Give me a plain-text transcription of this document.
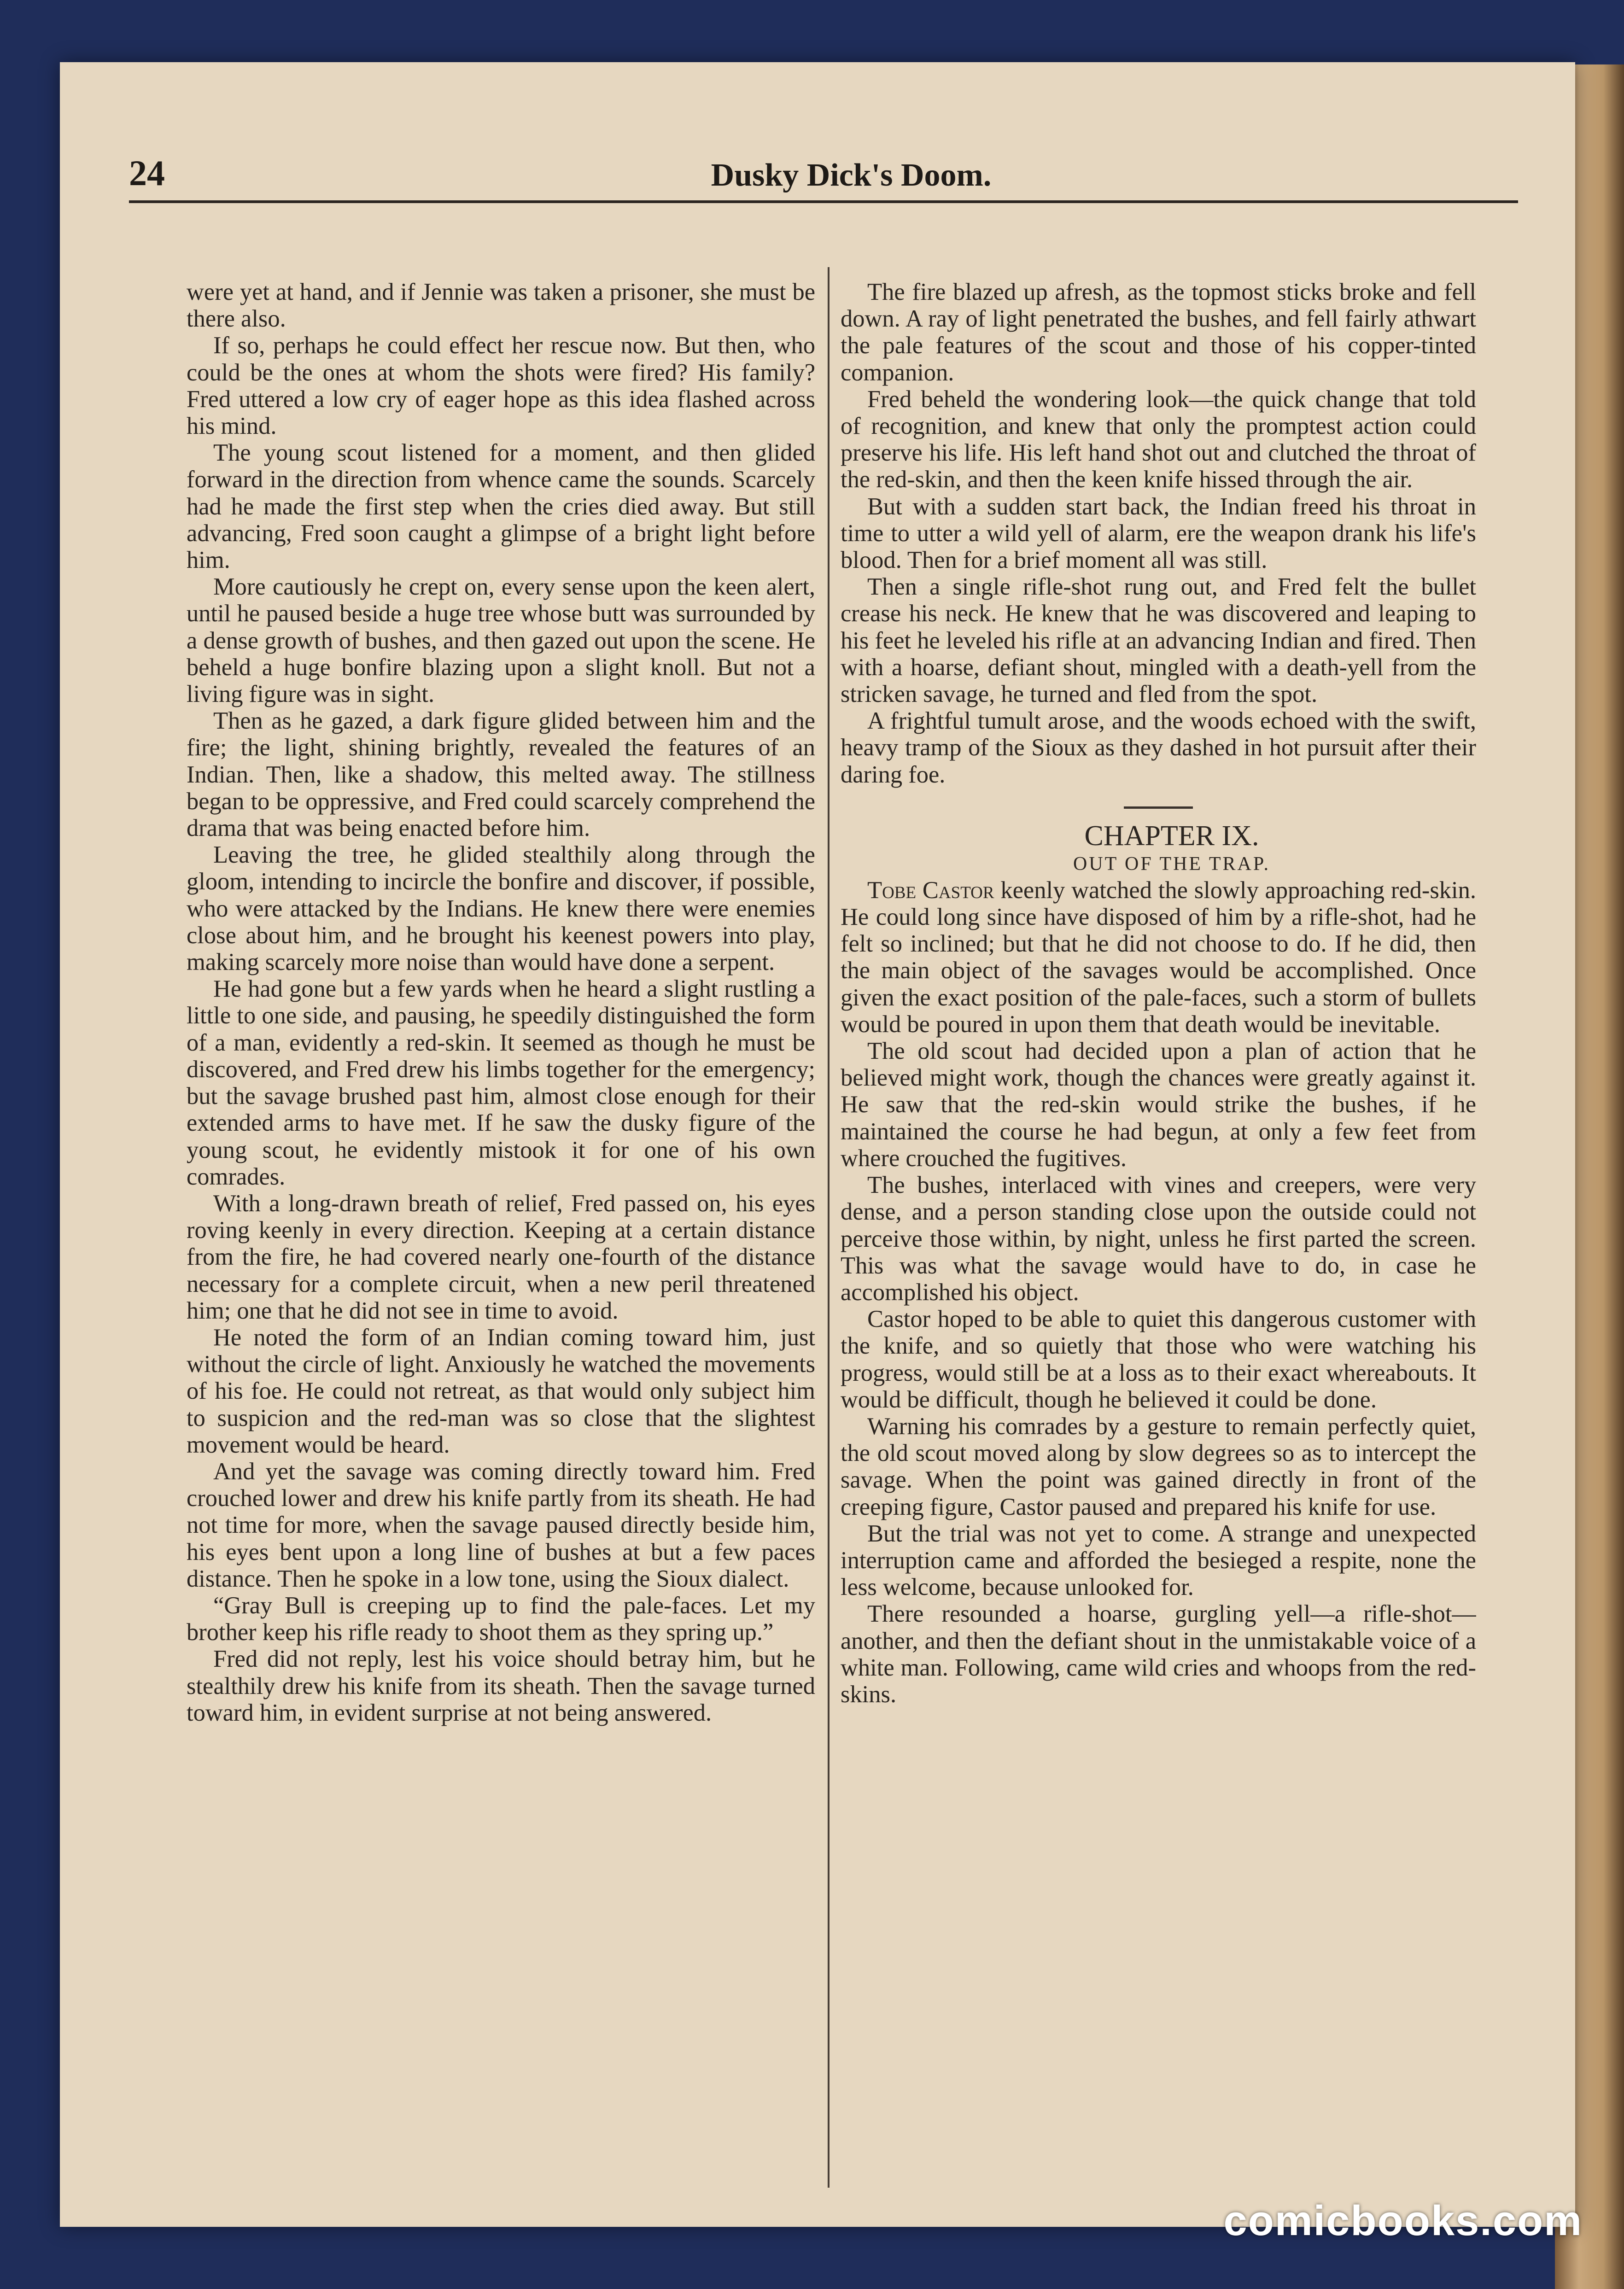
24	Dusky Dick's Doom.

were yet at hand, and if Jennie was taken a prisoner, she must be there also.

If so, perhaps he could effect her rescue now. But then, who could be the ones at whom the shots were fired? His family? Fred uttered a low cry of eager hope as this idea flashed across his mind.

The young scout listened for a moment, and then glided forward in the direction from whence came the sounds. Scarcely had he made the first step when the cries died away. But still advancing, Fred soon caught a glimpse of a bright light before him.

More cautiously he crept on, every sense upon the keen alert, until he paused beside a huge tree whose butt was surrounded by a dense growth of bushes, and then gazed out upon the scene. He beheld a huge bonfire blazing upon a slight knoll. But not a living figure was in sight.

Then as he gazed, a dark figure glided between him and the fire; the light, shining brightly, revealed the features of an Indian. Then, like a shadow, this melted away. The stillness began to be oppressive, and Fred could scarcely comprehend the drama that was being enacted before him.

Leaving the tree, he glided stealthily along through the gloom, intending to incircle the bonfire and discover, if possible, who were attacked by the Indians. He knew there were enemies close about him, and he brought his keenest powers into play, making scarcely more noise than would have done a serpent.

He had gone but a few yards when he heard a slight rustling a little to one side, and pausing, he speedily distinguished the form of a man, evidently a red-skin. It seemed as though he must be discovered, and Fred drew his limbs together for the emergency; but the savage brushed past him, almost close enough for their extended arms to have met. If he saw the dusky figure of the young scout, he evidently mistook it for one of his own comrades.

With a long-drawn breath of relief, Fred passed on, his eyes roving keenly in every direction. Keeping at a certain distance from the fire, he had covered nearly one-fourth of the distance necessary for a complete circuit, when a new peril threatened him; one that he did not see in time to avoid.

He noted the form of an Indian coming toward him, just without the circle of light. Anxiously he watched the movements of his foe. He could not retreat, as that would only subject him to suspicion and the red-man was so close that the slightest movement would be heard.

And yet the savage was coming directly toward him. Fred crouched lower and drew his knife partly from its sheath. He had not time for more, when the savage paused directly beside him, his eyes bent upon a long line of bushes at but a few paces distance. Then he spoke in a low tone, using the Sioux dialect.

“Gray Bull is creeping up to find the pale-faces. Let my brother keep his rifle ready to shoot them as they spring up.”

Fred did not reply, lest his voice should betray him, but he stealthily drew his knife from its sheath. Then the savage turned toward him, in evident surprise at not being answered.

The fire blazed up afresh, as the topmost sticks broke and fell down. A ray of light penetrated the bushes, and fell fairly athwart the pale features of the scout and those of his copper-tinted companion.

Fred beheld the wondering look—the quick change that told of recognition, and knew that only the promptest action could preserve his life. His left hand shot out and clutched the throat of the red-skin, and then the keen knife hissed through the air.

But with a sudden start back, the Indian freed his throat in time to utter a wild yell of alarm, ere the weapon drank his life's blood. Then for a brief moment all was still.

Then a single rifle-shot rung out, and Fred felt the bullet crease his neck. He knew that he was discovered and leaping to his feet he leveled his rifle at an advancing Indian and fired. Then with a hoarse, defiant shout, mingled with a death-yell from the stricken savage, he turned and fled from the spot.

A frightful tumult arose, and the woods echoed with the swift, heavy tramp of the Sioux as they dashed in hot pursuit after their daring foe.

CHAPTER IX.

OUT OF THE TRAP.

Tobe Castor keenly watched the slowly approaching red-skin. He could long since have disposed of him by a rifle-shot, had he felt so inclined; but that he did not choose to do. If he did, then the main object of the savages would be accomplished. Once given the exact position of the pale-faces, such a storm of bullets would be poured in upon them that death would be inevitable.

The old scout had decided upon a plan of action that he believed might work, though the chances were greatly against it. He saw that the red-skin would strike the bushes, if he maintained the course he had begun, at only a few feet from where crouched the fugitives.

The bushes, interlaced with vines and creepers, were very dense, and a person standing close upon the outside could not perceive those within, by night, unless he first parted the screen. This was what the savage would have to do, in case he accomplished his object.

Castor hoped to be able to quiet this dangerous customer with the knife, and so quietly that those who were watching his progress, would still be at a loss as to their exact whereabouts. It would be difficult, though he believed it could be done.

Warning his comrades by a gesture to remain perfectly quiet, the old scout moved along by slow degrees so as to intercept the savage. When the point was gained directly in front of the creeping figure, Castor paused and prepared his knife for use.

But the trial was not yet to come. A strange and unexpected interruption came and afforded the besieged a respite, none the less welcome, because unlooked for.

There resounded a hoarse, gurgling yell—a rifle-shot—another, and then the defiant shout in the unmistakable voice of a white man. Following, came wild cries and whoops from the red-skins.

comicbooks.com
